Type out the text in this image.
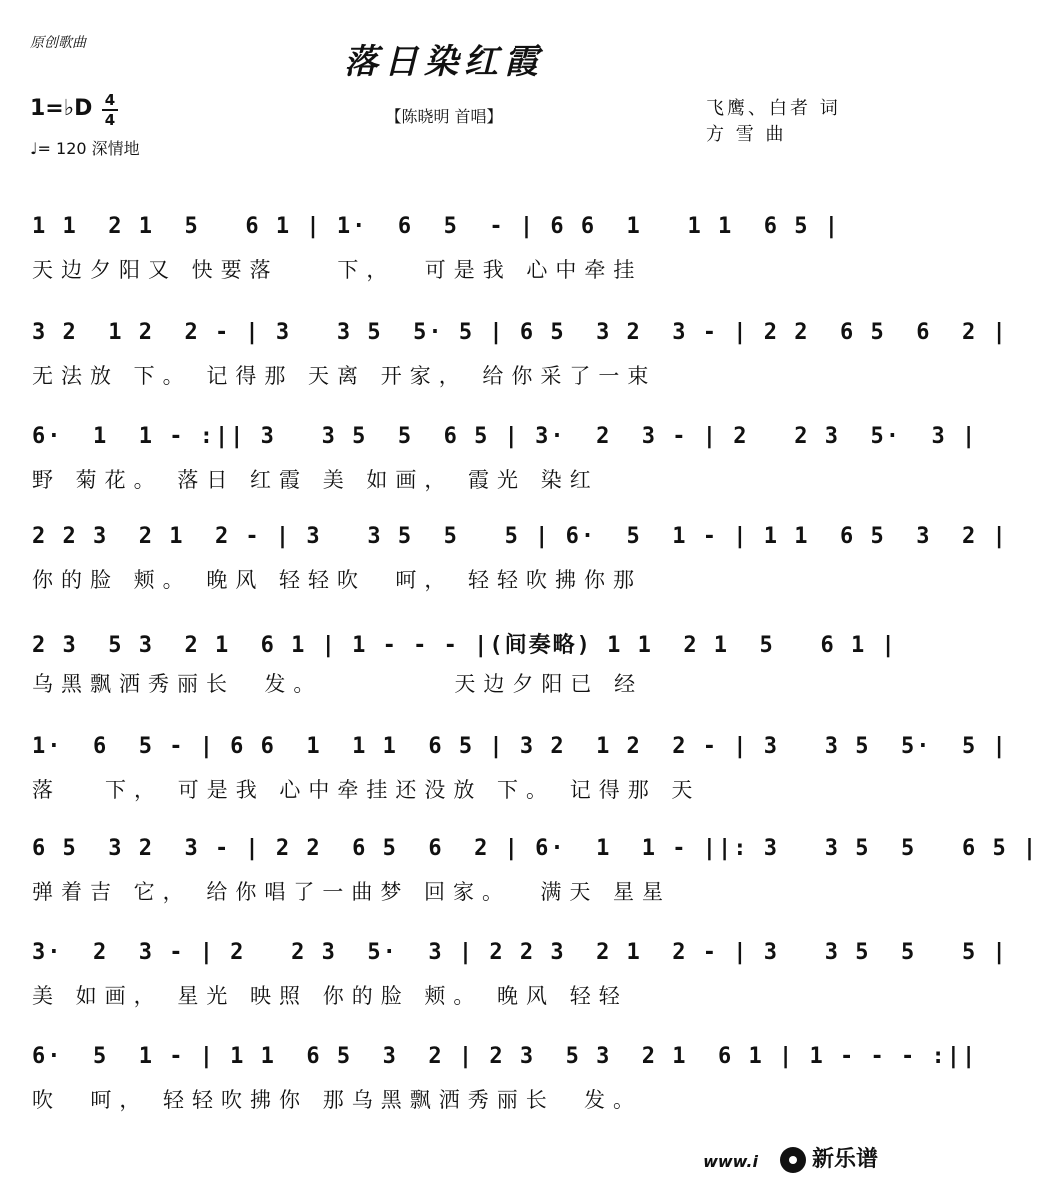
原创歌曲	落日染红霞
1=♭D 4
4
♩= 120 深情地
【陈晓明 首唱】	飞鹰、白者 词
方 雪 曲
1 1  2 1  5   6 1 | 1·  6  5  - | 6 6  1   1 1  6 5 |
天边夕阳又 快要落    下，  可是我 心中牵挂
3 2  1 2  2 - | 3   3 5  5· 5 | 6 5  3 2  3 - | 2 2  6 5  6  2 |
无法放 下。 记得那 天离 开家， 给你采了一束
6·  1  1 - :|| 3   3 5  5  6 5 | 3·  2  3 - | 2   2 3  5·  3 |
野 菊花。 落日 红霞 美 如画， 霞光 染红
2 2 3  2 1  2 - | 3   3 5  5   5 | 6·  5  1 - | 1 1  6 5  3  2 |
你的脸 颊。 晚风 轻轻吹  呵， 轻轻吹拂你那
2 3  5 3  2 1  6 1 | 1 - - - |(间奏略) 1 1  2 1  5   6 1 |
乌黑飘洒秀丽长  发。         天边夕阳已 经
1·  6  5 - | 6 6  1  1 1  6 5 | 3 2  1 2  2 - | 3   3 5  5·  5 |
落   下， 可是我 心中牵挂还没放 下。 记得那 天
6 5  3 2  3 - | 2 2  6 5  6  2 | 6·  1  1 - ||: 3   3 5  5   6 5 |
弹着吉 它， 给你唱了一曲梦 回家。  满天 星星
3·  2  3 - | 2   2 3  5·  3 | 2 2 3  2 1  2 - | 3   3 5  5   5 |
美 如画， 星光 映照 你的脸 颊。 晚风 轻轻
6·  5  1 - | 1 1  6 5  3  2 | 2 3  5 3  2 1  6 1 | 1 - - - :||
吹  呵， 轻轻吹拂你 那乌黑飘洒秀丽长  发。
www.i	新乐谱
